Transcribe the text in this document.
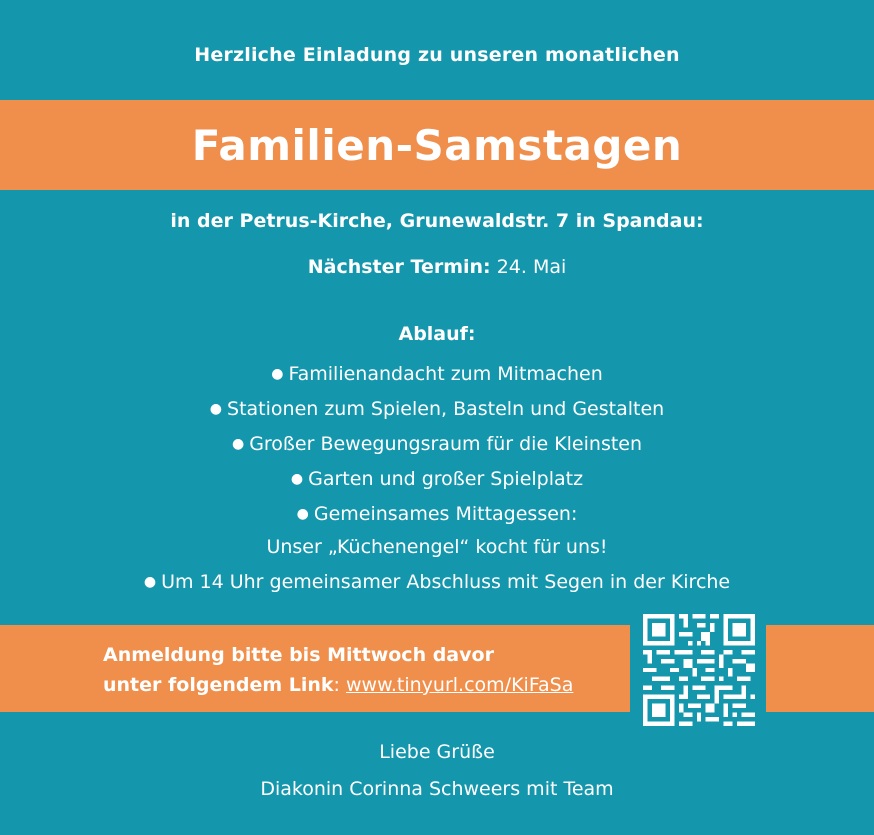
Herzliche Einladung zu unseren monatlichen
Familien-Samstagen
in der Petrus-Kirche, Grunewaldstr. 7 in Spandau:
Nächster Termin: 24. Mai
Ablauf:
● Familienandacht zum Mitmachen
● Stationen zum Spielen, Basteln und Gestalten
● Großer Bewegungsraum für die Kleinsten
● Garten und großer Spielplatz
● Gemeinsames Mittagessen:
Unser „Küchenengel“ kocht für uns!
● Um 14 Uhr gemeinsamer Abschluss mit Segen in der Kirche
Anmeldung bitte bis Mittwoch davor
unter folgendem Link: www.tinyurl.com/KiFaSa
Liebe Grüße
Diakonin Corinna Schweers mit Team
